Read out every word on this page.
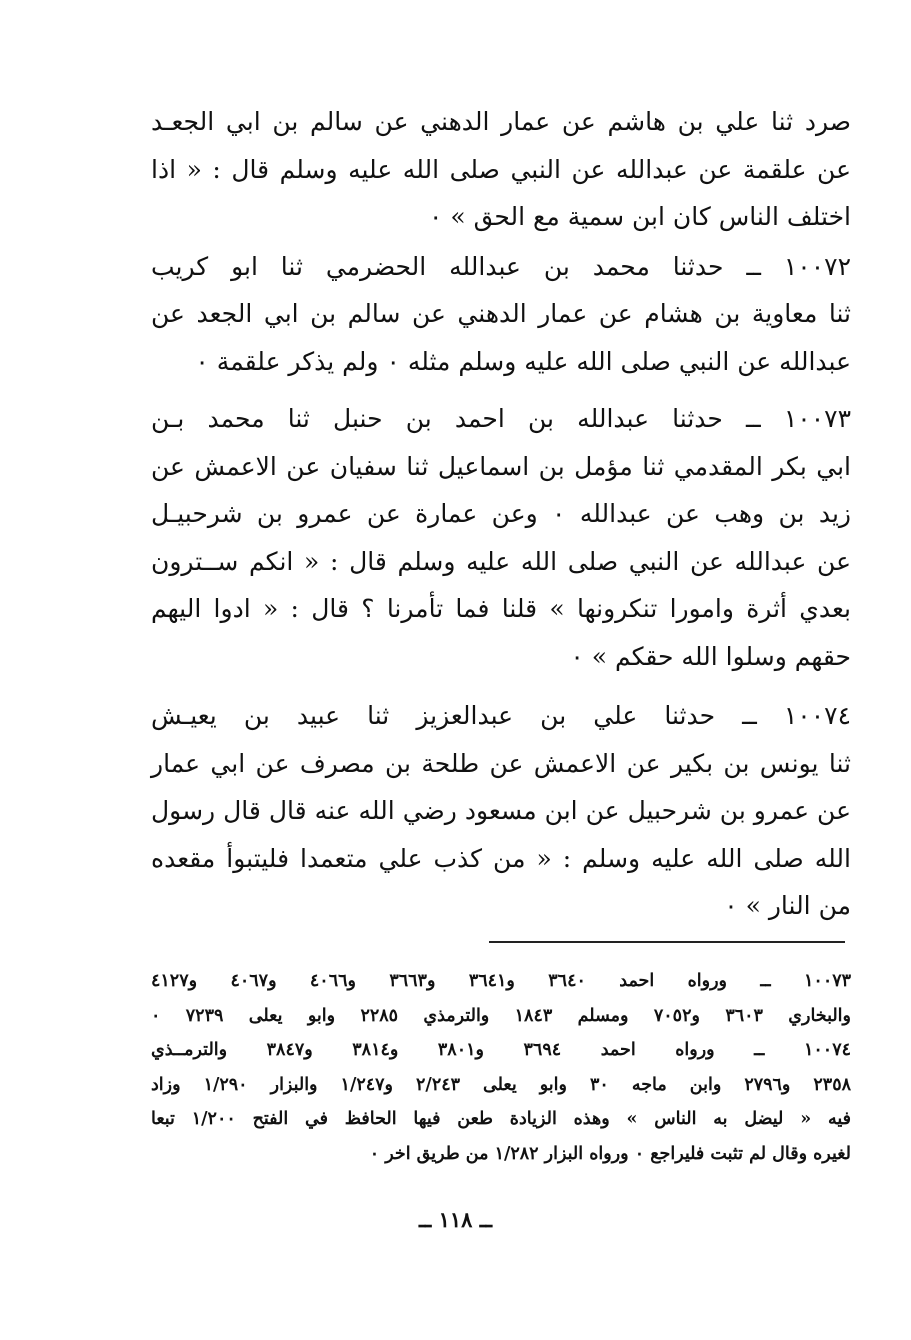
صرد ثنا علي بن هاشم عن عمار الدهني عن سالم بن ابي الجعـد
عن علقمة عن عبدالله عن النبي صلى الله عليه وسلم قال : « اذا
اختلف الناس كان ابن سمية مع الحق » ٠
١٠٠٧٢ ــ حدثنا محمد بن عبدالله الحضرمي ثنا ابو كريب
ثنا معاوية بن هشام عن عمار الدهني عن سالم بن ابي الجعد عن
عبدالله عن النبي صلى الله عليه وسلم مثله ٠ ولم يذكر علقمة ٠
١٠٠٧٣ ــ حدثنا عبدالله بن احمد بن حنبل ثنا محمد بـن
ابي بكر المقدمي ثنا مؤمل بن اسماعيل ثنا سفيان عن الاعمش عن
زيد بن وهب عن عبدالله ٠ وعن عمارة عن عمرو بن شرحبيـل
عن عبدالله عن النبي صلى الله عليه وسلم قال : « انكم ســترون
بعدي أثرة وامورا تنكرونها » قلنا فما تأمرنا ؟ قال : « ادوا اليهم
حقهم وسلوا الله حقكم » ٠
١٠٠٧٤ ــ حدثنا علي بن عبدالعزيز ثنا عبيد بن يعيـش
ثنا يونس بن بكير عن الاعمش عن طلحة بن مصرف عن ابي عمار
عن عمرو بن شرحبيل عن ابن مسعود رضي الله عنه قال قال رسول
الله صلى الله عليه وسلم : « من كذب علي متعمدا فليتبوأ مقعده
من النار » ٠
١٠٠٧٣ ــ ورواه احمد ٣٦٤٠ و٣٦٤١ و٣٦٦٣ و٤٠٦٦ و٤٠٦٧ و٤١٢٧
والبخاري ٣٦٠٣ و٧٠٥٢ ومسلم ١٨٤٣ والترمذي ٢٢٨٥ وابو يعلى ٧٢٣٩ ٠
١٠٠٧٤ ــ ورواه احمد ٣٦٩٤ و٣٨٠١ و٣٨١٤ و٣٨٤٧ والترمــذي
٢٣٥٨ و٢٧٩٦ وابن ماجه ٣٠ وابو يعلى ٢/٢٤٣ و١/٢٤٧ والبزار ١/٢٩٠ وزاد
فيه « ليضل به الناس » وهذه الزيادة طعن فيها الحافظ في الفتح ١/٢٠٠ تبعا
لغيره وقال لم تثبت فليراجع ٠ ورواه البزار ١/٢٨٢ من طريق اخر ٠
ــ ١١٨ ــ
